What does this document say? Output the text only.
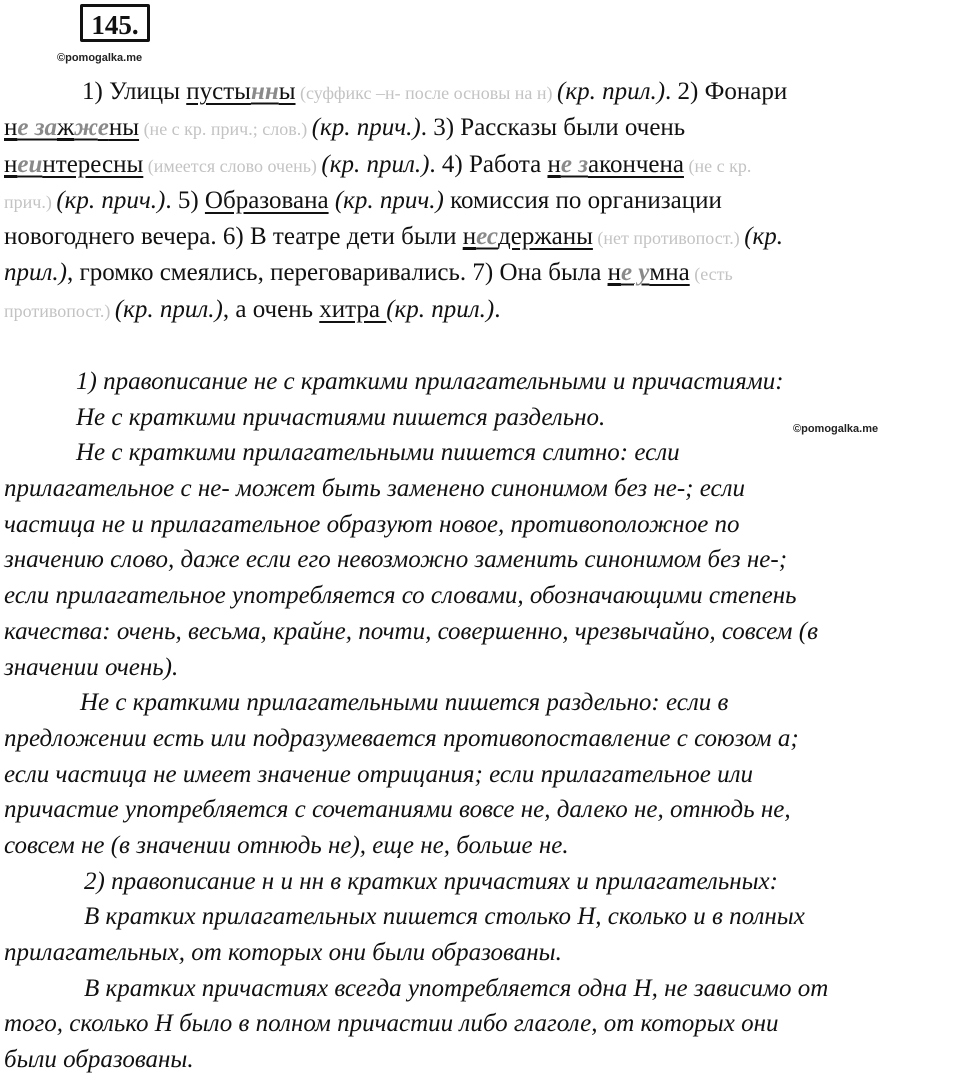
145.
©pomogalka.me
©pomogalka.me
1) Улицы пустынны (суффикс –н- после основы на н) (кр. прил.). 2) Фонари
не зажжены (не с кр. прич.; слов.) (кр. прич.). 3) Рассказы были очень
неинтересны (имеется слово очень) (кр. прил.). 4) Работа не закончена (не с кр.
прич.) (кр. прич.). 5) Образована (кр. прич.) комиссия по организации
новогоднего вечера. 6) В театре дети были несдержаны (нет противопост.) (кр.
прил.), громко смеялись, переговаривались. 7) Она была не умна (есть
противопост.) (кр. прил.), а очень хитра (кр. прил.).
1) правописание не с краткими прилагательными и причастиями:
Не с краткими причастиями пишется раздельно.
Не с краткими прилагательными пишется слитно: если
прилагательное с не- может быть заменено синонимом без не-; если
частица не и прилагательное образуют новое, противоположное по
значению слово, даже если его невозможно заменить синонимом без не-;
если прилагательное употребляется со словами, обозначающими степень
качества: очень, весьма, крайне, почти, совершенно, чрезвычайно, совсем (в
значении очень).
Не с краткими прилагательными пишется раздельно: если в
предложении есть или подразумевается противопоставление с союзом а;
если частица не имеет значение отрицания; если прилагательное или
причастие употребляется с сочетаниями вовсе не, далеко не, отнюдь не,
совсем не (в значении отнюдь не), еще не, больше не.
2) правописание н и нн в кратких причастиях и прилагательных:
В кратких прилагательных пишется столько Н, сколько и в полных
прилагательных, от которых они были образованы.
В кратких причастиях всегда употребляется одна Н, не зависимо от
того, сколько Н было в полном причастии либо глаголе, от которых они
были образованы.
